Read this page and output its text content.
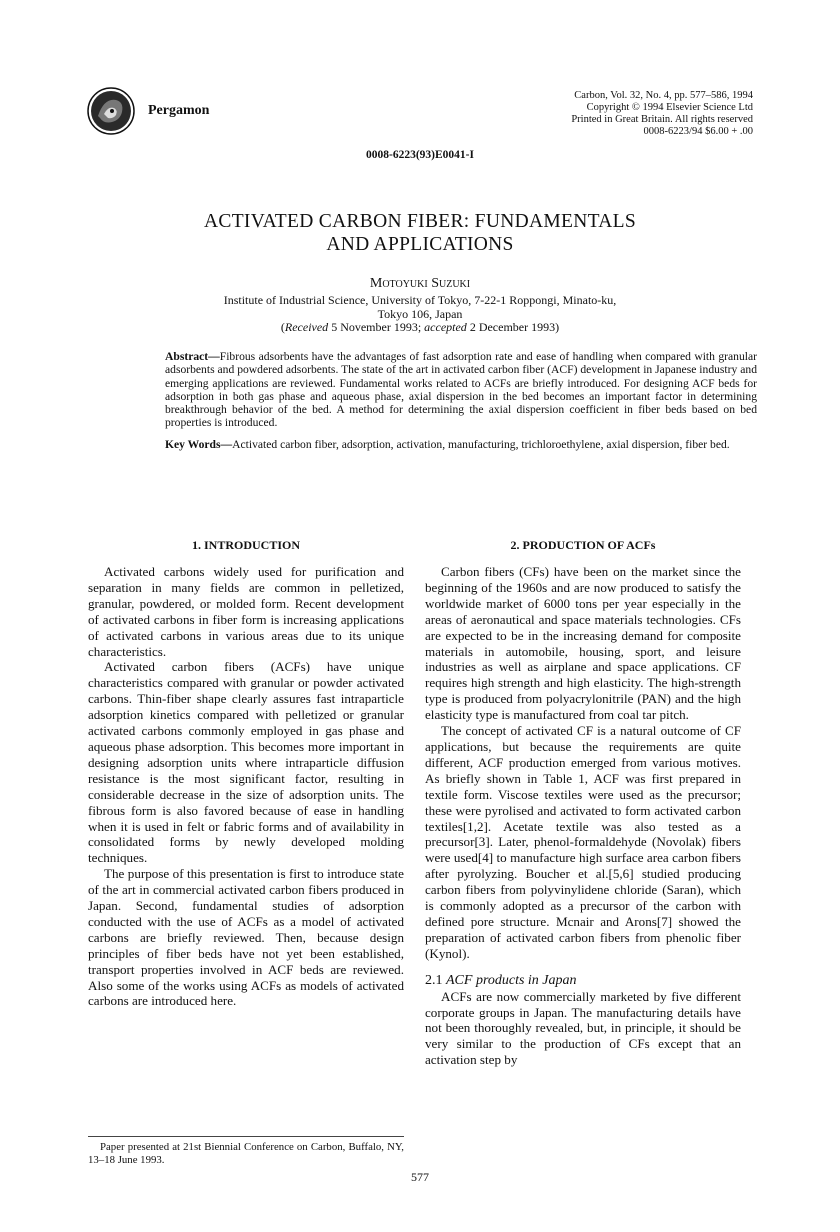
Pergamon
Carbon, Vol. 32, No. 4, pp. 577–586, 1994
Copyright © 1994 Elsevier Science Ltd
Printed in Great Britain. All rights reserved
0008-6223/94 $6.00 + .00
0008-6223(93)E0041-I
ACTIVATED CARBON FIBER: FUNDAMENTALS
AND APPLICATIONS
Motoyuki Suzuki
Institute of Industrial Science, University of Tokyo, 7-22-1 Roppongi, Minato-ku,
Tokyo 106, Japan
(Received 5 November 1993; accepted 2 December 1993)

Abstract—Fibrous adsorbents have the advantages of fast adsorption rate and ease of handling when compared with granular adsorbents and powdered adsorbents. The state of the art in activated carbon fiber (ACF) development in Japanese industry and emerging applications are reviewed. Fundamental works related to ACFs are briefly introduced. For designing ACF beds for adsorption in both gas phase and aqueous phase, axial dispersion in the bed becomes an important factor in determining breakthrough behavior of the bed. A method for determining the axial dispersion coefficient in fiber beds based on bed properties is introduced.

Key Words—Activated carbon fiber, adsorption, activation, manufacturing, trichloroethylene, axial dispersion, fiber bed.

1. INTRODUCTION

Activated carbons widely used for purification and separation in many fields are common in pelletized, granular, powdered, or molded form. Recent development of activated carbons in fiber form is increasing applications of activated carbons in various areas due to its unique characteristics.

Activated carbon fibers (ACFs) have unique characteristics compared with granular or powder activated carbons. Thin-fiber shape clearly assures fast intraparticle adsorption kinetics compared with pelletized or granular activated carbons commonly employed in gas phase and aqueous phase adsorption. This becomes more important in designing adsorption units where intraparticle diffusion resistance is the most significant factor, resulting in considerable decrease in the size of adsorption units. The fibrous form is also favored because of ease in handling when it is used in felt or fabric forms and of availability in consolidated forms by newly developed molding techniques.

The purpose of this presentation is first to introduce state of the art in commercial activated carbon fibers produced in Japan. Second, fundamental studies of adsorption conducted with the use of ACFs as a model of activated carbons are briefly reviewed. Then, because design principles of fiber beds have not yet been established, transport properties involved in ACF beds are reviewed. Also some of the works using ACFs as models of activated carbons are introduced here.

Paper presented at 21st Biennial Conference on Carbon, Buffalo, NY, 13–18 June 1993.

2. PRODUCTION OF ACFs

Carbon fibers (CFs) have been on the market since the beginning of the 1960s and are now produced to satisfy the worldwide market of 6000 tons per year especially in the areas of aeronautical and space materials technologies. CFs are expected to be in the increasing demand for composite materials in automobile, housing, sport, and leisure industries as well as airplane and space applications. CF requires high strength and high elasticity. The high-strength type is produced from polyacrylonitrile (PAN) and the high elasticity type is manufactured from coal tar pitch.

The concept of activated CF is a natural outcome of CF applications, but because the requirements are quite different, ACF production emerged from various motives. As briefly shown in Table 1, ACF was first prepared in textile form. Viscose textiles were used as the precursor; these were pyrolised and activated to form activated carbon textiles[1,2]. Acetate textile was also tested as a precursor[3]. Later, phenol-formaldehyde (Novolak) fibers were used[4] to manufacture high surface area carbon fibers after pyrolyzing. Boucher et al.[5,6] studied producing carbon fibers from polyvinylidene chloride (Saran), which is commonly adopted as a precursor of the carbon with defined pore structure. Mcnair and Arons[7] showed the preparation of activated carbon fibers from phenolic fiber (Kynol).

2.1 ACF products in Japan

ACFs are now commercially marketed by five different corporate groups in Japan. The manufacturing details have not been thoroughly revealed, but, in principle, it should be very similar to the production of CFs except that an activation step by

577
